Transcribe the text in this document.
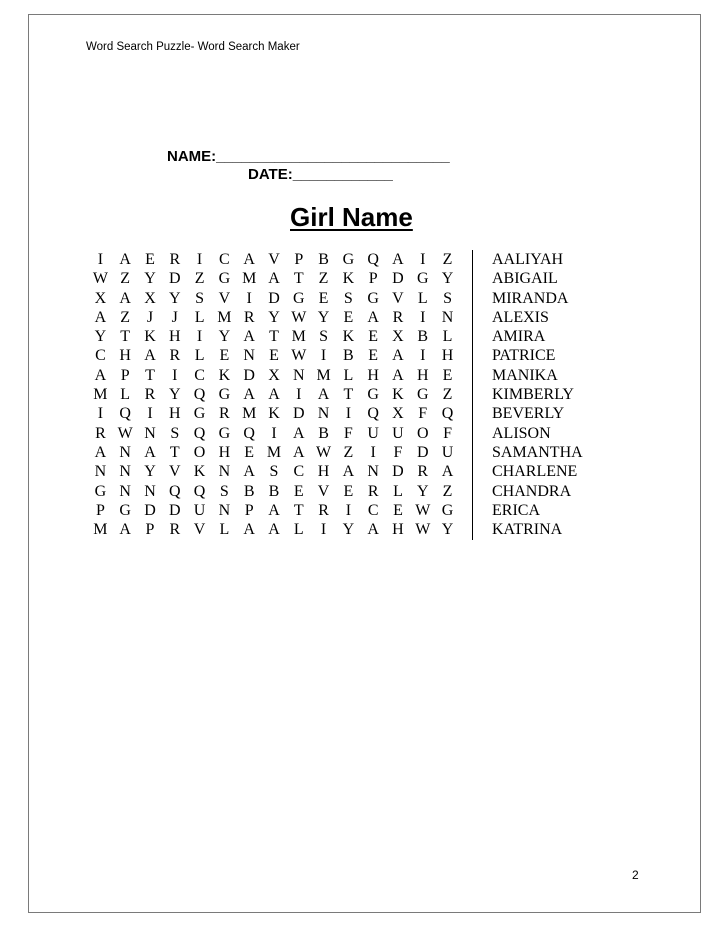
Word Search Puzzle- Word Search Maker
NAME:____________________________
DATE:____________
Girl Name
I A E R I C A V P B G Q A I Z
W Z Y D Z G M A T Z K P D G Y
X A X Y S V I D G E S G V L S
A Z J J L M R Y W Y E A R I N
Y T K H I Y A T M S K E X B L
C H A R L E N E W I B E A I H
A P T I C K D X N M L H A H E
M L R Y Q G A A I A T G K G Z
I Q I H G R M K D N I Q X F Q
R W N S Q G Q I A B F U U O F
A N A T O H E M A W Z I F D U
N N Y V K N A S C H A N D R A
G N N Q Q S B B E V E R L Y Z
P G D D U N P A T R I C E W G
M A P R V L A A L I Y A H W Y
AALIYAH
ABIGAIL
MIRANDA
ALEXIS
AMIRA
PATRICE
MANIKA
KIMBERLY
BEVERLY
ALISON
SAMANTHA
CHARLENE
CHANDRA
ERICA
KATRINA
2
